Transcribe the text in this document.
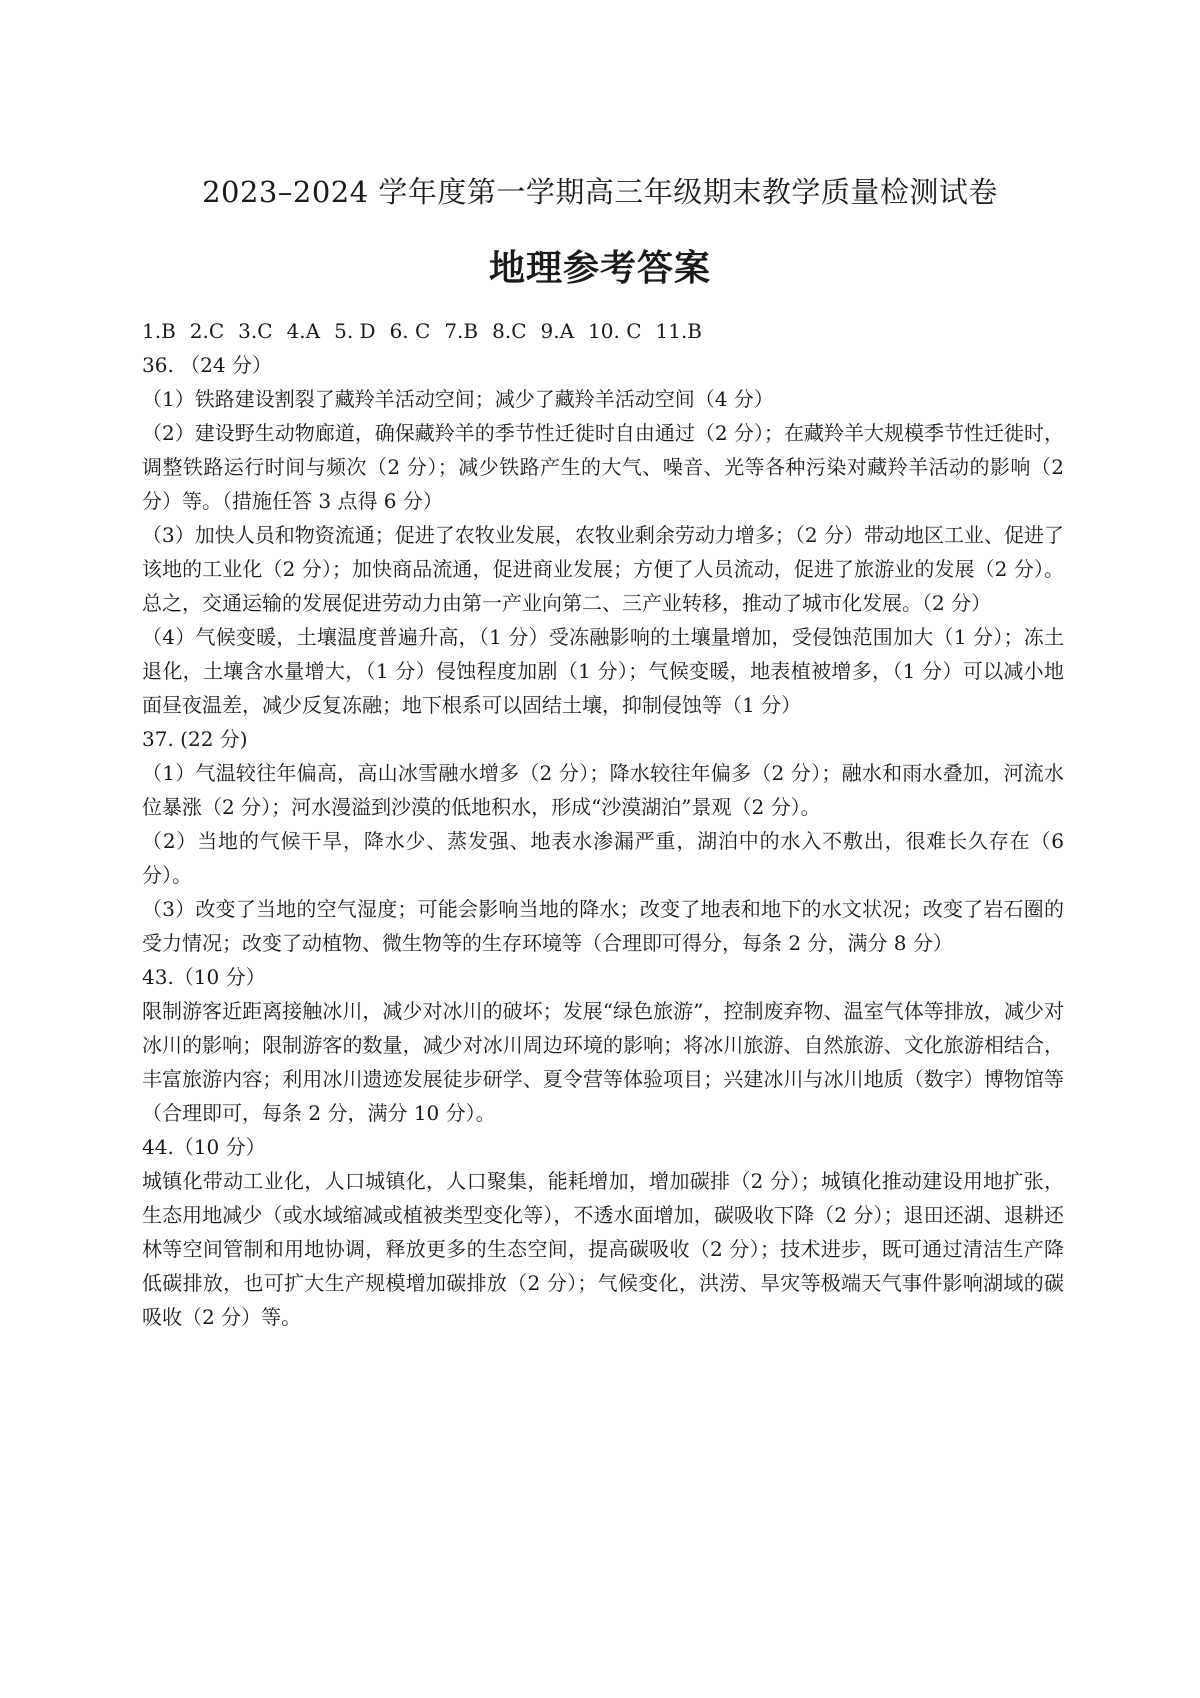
2023–2024 学年度第一学期高三年级期末教学质量检测试卷
地理参考答案
1.B 2.C 3.C 4.A 5. D 6. C 7.B 8.C 9.A 10. C 11.B

36. （24 分）

（1）铁路建设割裂了藏羚羊活动空间；减少了藏羚羊活动空间（4 分）

（2）建设野生动物廊道，确保藏羚羊的季节性迁徙时自由通过（2 分）；在藏羚羊大规模季节性迁徙时，调整铁路运行时间与频次（2 分）；减少铁路产生的大气、噪音、光等各种污染对藏羚羊活动的影响（2 分）等。（措施任答 3 点得 6 分）

（3）加快人员和物资流通；促进了农牧业发展，农牧业剩余劳动力增多；（2 分）带动地区工业、促进了该地的工业化（2 分）；加快商品流通，促进商业发展；方便了人员流动，促进了旅游业的发展（2 分）。总之，交通运输的发展促进劳动力由第一产业向第二、三产业转移，推动了城市化发展。（2 分）

（4）气候变暖，土壤温度普遍升高，（1 分）受冻融影响的土壤量增加，受侵蚀范围加大（1 分）；冻土退化，土壤含水量增大，（1 分）侵蚀程度加剧（1 分）；气候变暖，地表植被增多，（1 分）可以减小地面昼夜温差，减少反复冻融；地下根系可以固结土壤，抑制侵蚀等（1 分）

37. (22 分)

（1）气温较往年偏高，高山冰雪融水增多（2 分）；降水较往年偏多（2 分）；融水和雨水叠加，河流水位暴涨（2 分）；河水漫溢到沙漠的低地积水，形成“沙漠湖泊”景观（2 分）。

（2）当地的气候干旱，降水少、蒸发强、地表水渗漏严重，湖泊中的水入不敷出，很难长久存在（6 分）。

（3）改变了当地的空气湿度；可能会影响当地的降水；改变了地表和地下的水文状况；改变了岩石圈的受力情况；改变了动植物、微生物等的生存环境等（合理即可得分，每条 2 分，满分 8 分）

43.（10 分）

限制游客近距离接触冰川，减少对冰川的破坏；发展“绿色旅游”，控制废弃物、温室气体等排放，减少对冰川的影响；限制游客的数量，减少对冰川周边环境的影响；将冰川旅游、自然旅游、文化旅游相结合，丰富旅游内容；利用冰川遗迹发展徒步研学、夏令营等体验项目；兴建冰川与冰川地质（数字）博物馆等（合理即可，每条 2 分，满分 10 分）。

44.（10 分）

城镇化带动工业化，人口城镇化，人口聚集，能耗增加，增加碳排（2 分）；城镇化推动建设用地扩张，生态用地减少（或水域缩减或植被类型变化等），不透水面增加，碳吸收下降（2 分）；退田还湖、退耕还林等空间管制和用地协调，释放更多的生态空间，提高碳吸收（2 分）；技术进步，既可通过清洁生产降低碳排放，也可扩大生产规模增加碳排放（2 分）；气候变化，洪涝、旱灾等极端天气事件影响湖域的碳吸收（2 分）等。
